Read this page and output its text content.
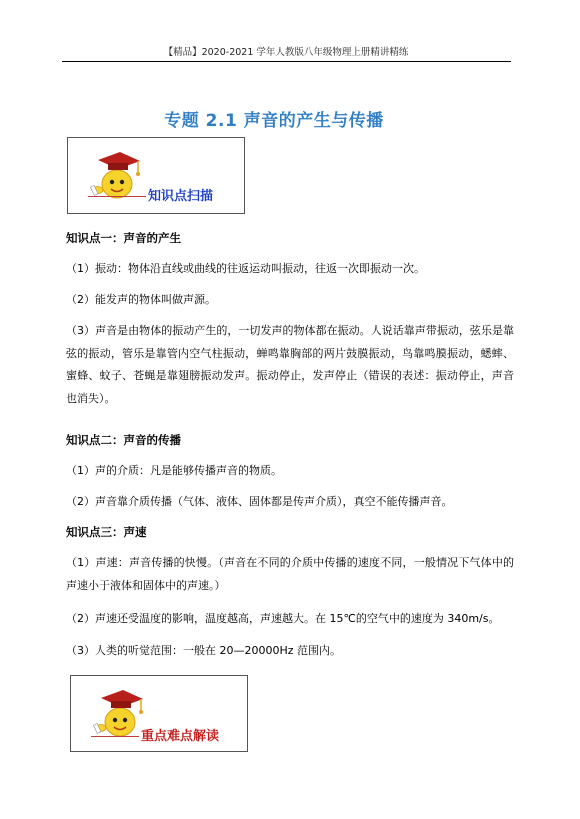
【精品】2020-2021 学年人教版八年级物理上册精讲精练
专题 2.1 声音的产生与传播
知识点扫描
知识点一：声音的产生
（1）振动：物体沿直线或曲线的往返运动叫振动，往返一次即振动一次。
（2）能发声的物体叫做声源。
（3）声音是由物体的振动产生的，一切发声的物体都在振动。人说话靠声带振动，弦乐是靠弦的振动，管乐是靠管内空气柱振动，蝉鸣靠胸部的两片鼓膜振动，鸟靠鸣膜振动，蟋蟀、蜜蜂、蚊子、苍蝇是靠翅膀振动发声。振动停止，发声停止（错误的表述：振动停止，声音也消失）。
知识点二：声音的传播
（1）声的介质：凡是能够传播声音的物质。
（2）声音靠介质传播（气体、液体、固体都是传声介质），真空不能传播声音。
知识点三：声速
（1）声速：声音传播的快慢。（声音在不同的介质中传播的速度不同，一般情况下气体中的声速小于液体和固体中的声速。）
（2）声速还受温度的影响，温度越高，声速越大。在 15℃的空气中的速度为 340m/s。
（3）人类的听觉范围：一般在 20—20000Hz 范围内。
重点难点解读
